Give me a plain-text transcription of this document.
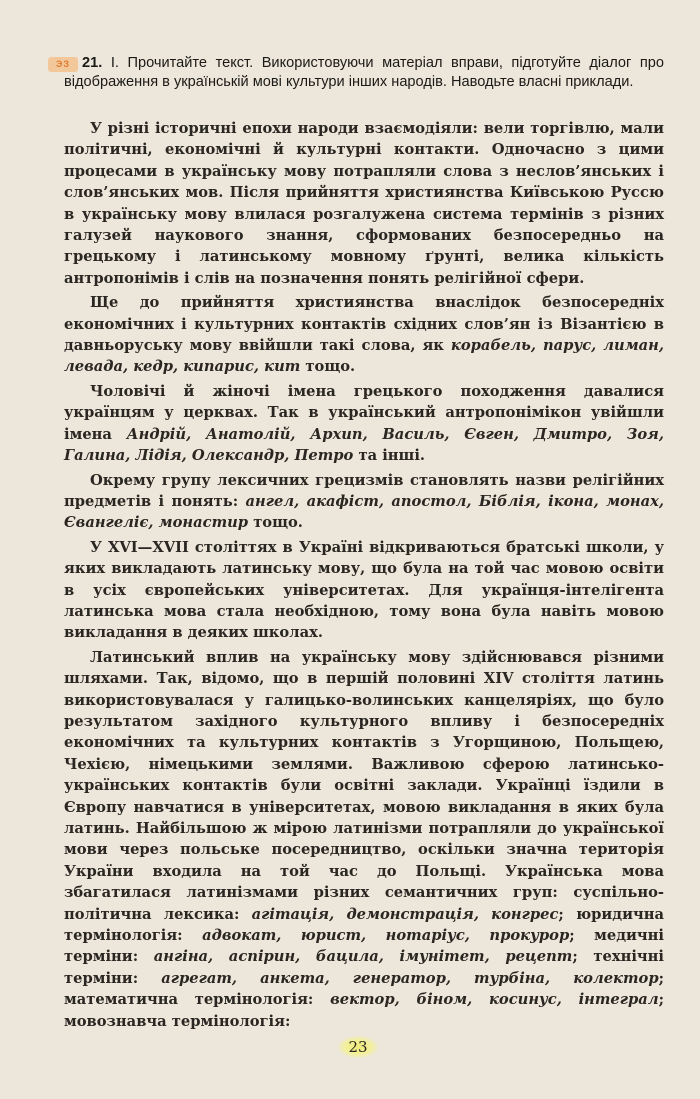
ЭЗ 21. І. Прочитайте текст. Використовуючи матеріал вправи, підготуйте діалог про відображення в українській мові культури інших народів. Наводьте власні приклади.

У різні історичні епохи народи взаємодіяли: вели торгівлю, мали політичні, економічні й культурні контакти. Одночасно з цими процесами в українську мову потрапляли слова з неслов’янських і слов’янських мов. Після прийняття християнства Київською Руссю в українську мову влилася розгалужена система термінів з різних галузей наукового знання, сформованих безпосередньо на грецькому і латинському мовному ґрунті, велика кількість антропонімів і слів на позначення понять релігійної сфери.

Ще до прийняття християнства внаслідок безпосередніх економічних і культурних контактів східних слов’ян із Візантією в давньоруську мову ввійшли такі слова, як корабель, парус, лиман, левада, кедр, кипарис, кит тощо.

Чоловічі й жіночі імена грецького походження давалися українцям у церквах. Так в український антропонімікон увійшли імена Андрій, Анатолій, Архип, Василь, Євген, Дмитро, Зоя, Галина, Лідія, Олександр, Петро та інші.

Окрему групу лексичних грецизмів становлять назви релігійних предметів і понять: ангел, акафіст, апостол, Біблія, ікона, монах, Євангеліє, монастир тощо.

У XVI—XVII століттях в Україні відкриваються братські школи, у яких викладають латинську мову, що була на той час мовою освіти в усіх європейських університетах. Для українця-інтелігента латинська мова стала необхідною, тому вона була навіть мовою викладання в деяких школах.

Латинський вплив на українську мову здійснювався різними шляхами. Так, відомо, що в першій половині XIV століття латинь використовувалася у галицько-волинських канцеляріях, що було результатом західного культурного впливу і безпосередніх економічних та культурних контактів з Угорщиною, Польщею, Чехією, німецькими землями. Важливою сферою латинсько-українських контактів були освітні заклади. Українці їздили в Європу навчатися в університетах, мовою викладання в яких була латинь. Найбільшою ж мірою латинізми потрапляли до української мови через польське посередництво, оскільки значна територія України входила на той час до Польщі. Українська мова збагатилася латинізмами різних семантичних груп: суспільно-політична лексика: агітація, демонстрація, конгрес; юридична термінологія: адвокат, юрист, нотаріус, прокурор; медичні терміни: ангіна, аспірин, бацила, імунітет, рецепт; технічні терміни: агрегат, анкета, генератор, турбіна, колектор; математична термінологія: вектор, біном, косинус, інтеграл; мовознавча термінологія:

23
